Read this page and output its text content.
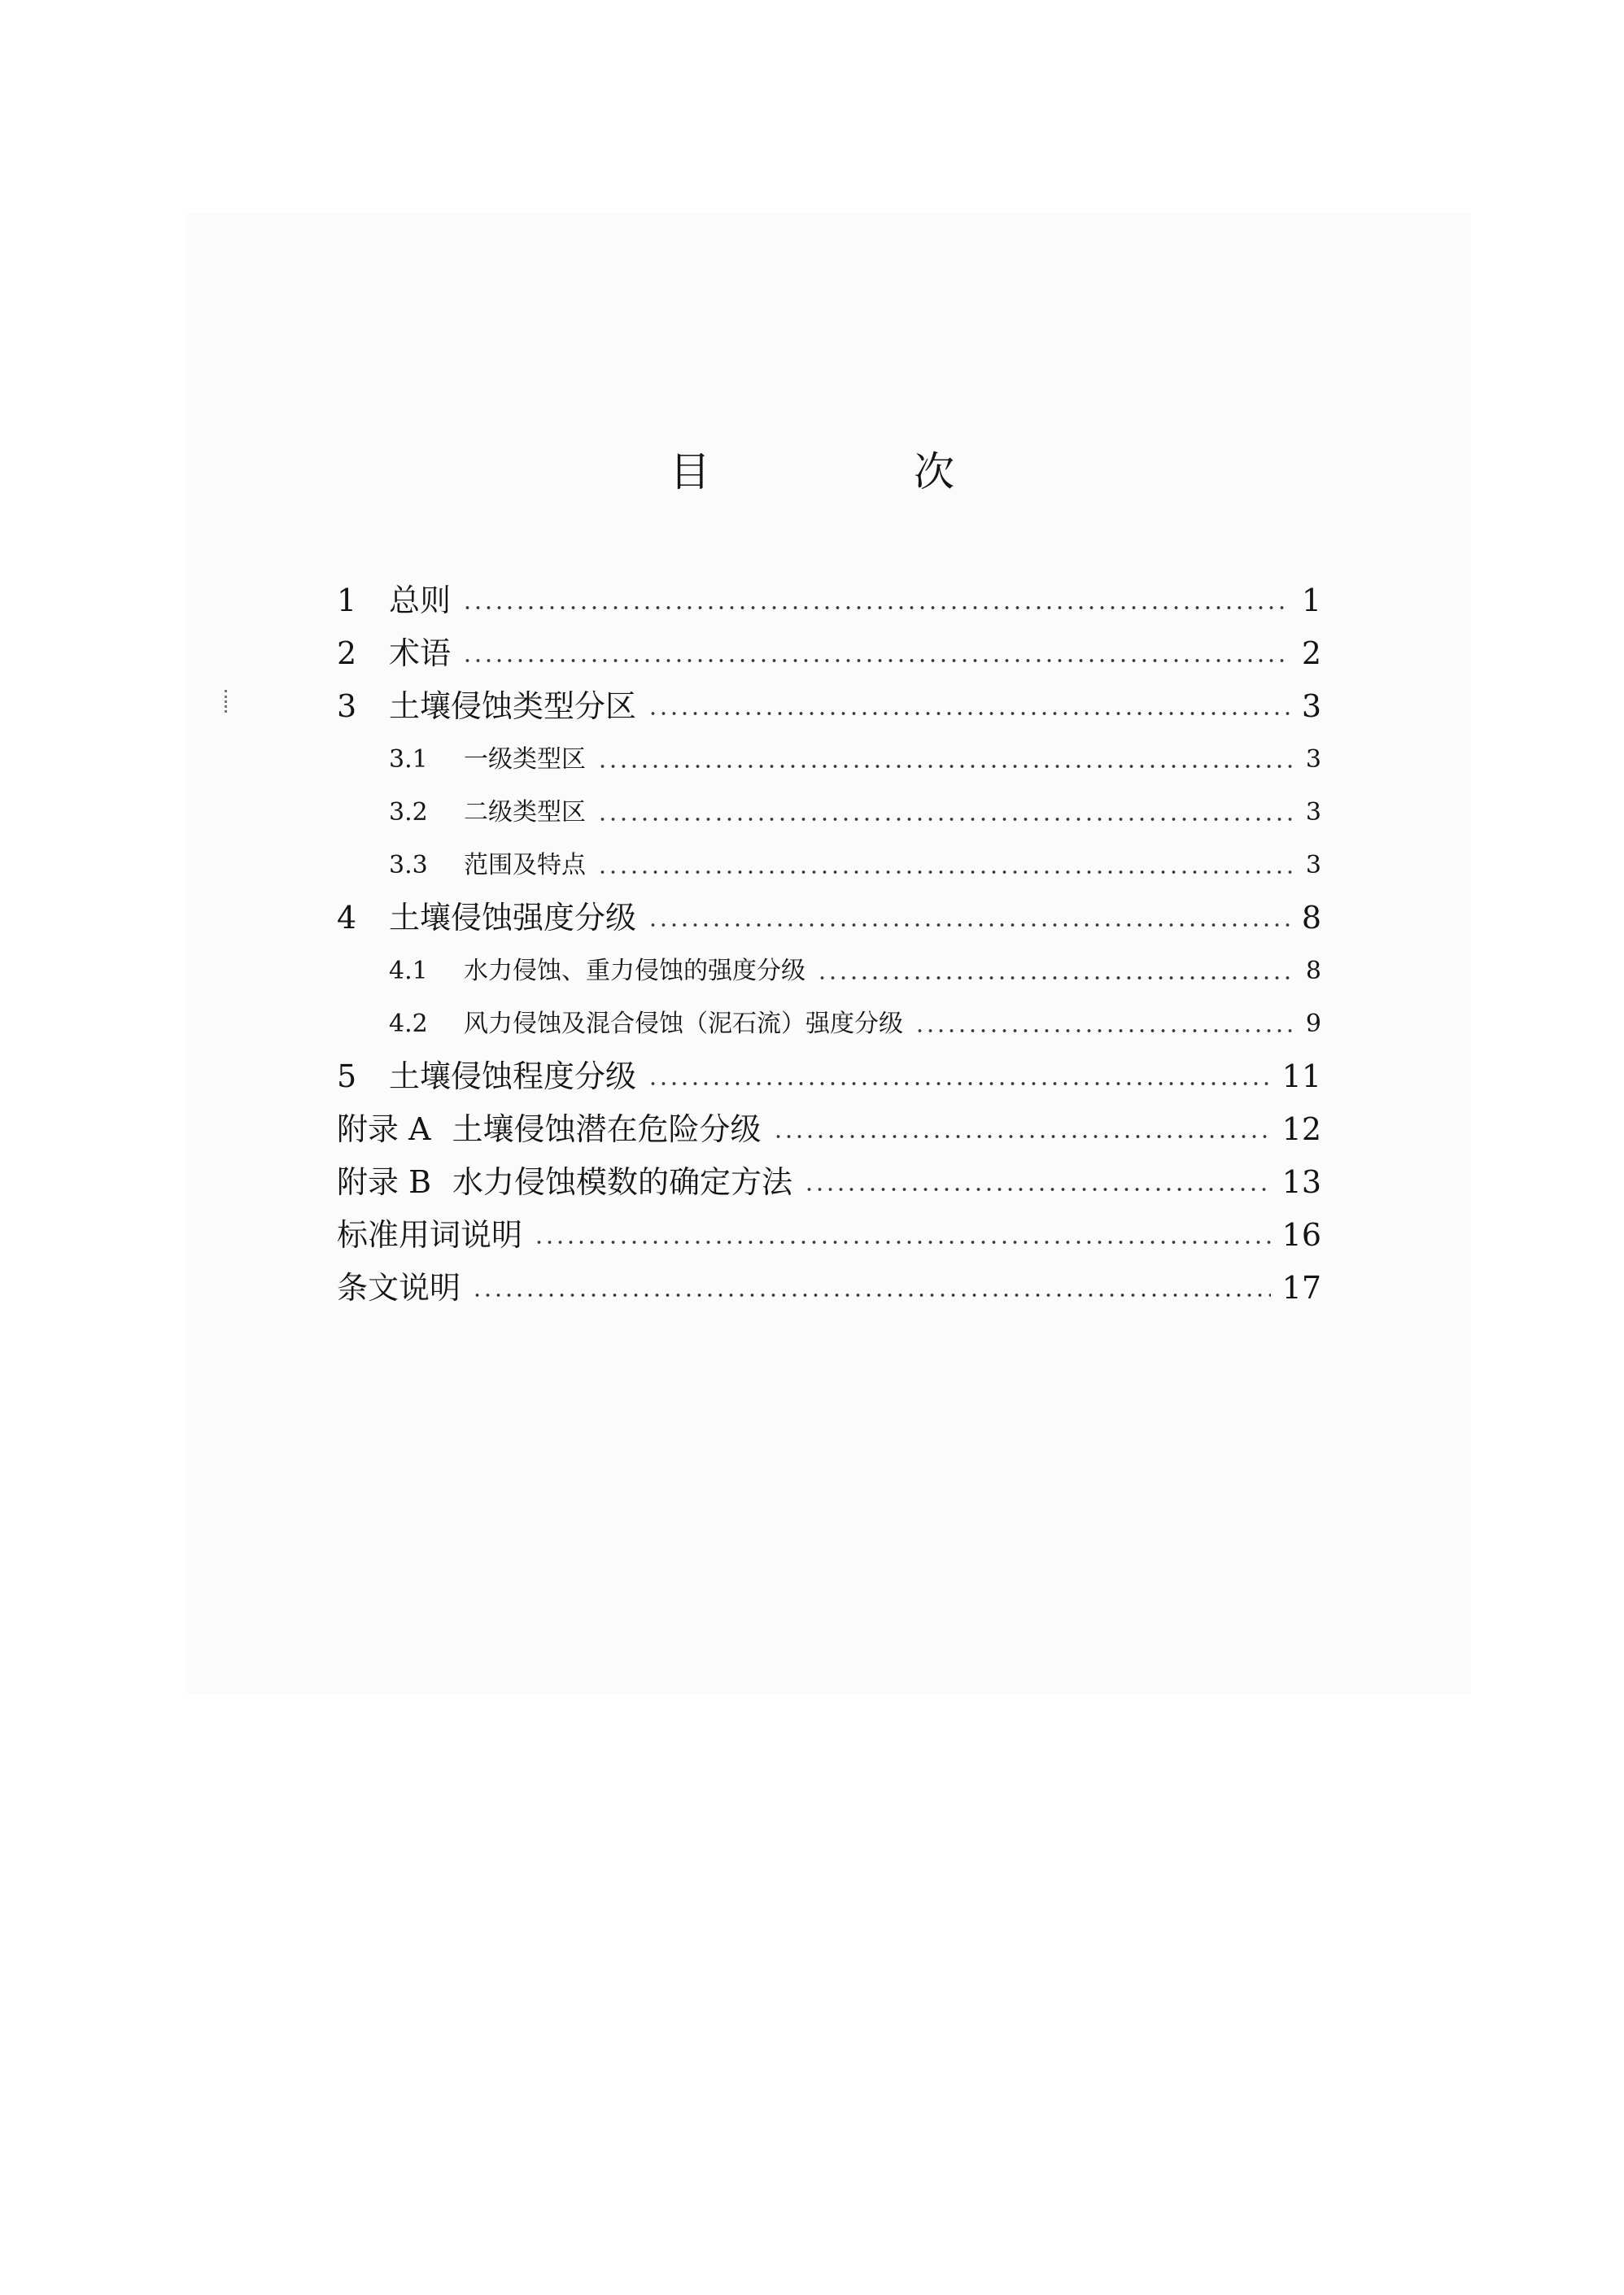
目　次
1	总则	1
2	术语	2
3	土壤侵蚀类型分区	3
3.1	一级类型区	3
3.2	二级类型区	3
3.3	范围及特点	3
4	土壤侵蚀强度分级	8
4.1	水力侵蚀、重力侵蚀的强度分级	8
4.2	风力侵蚀及混合侵蚀（泥石流）强度分级	9
5	土壤侵蚀程度分级	11
附录 A 土壤侵蚀潜在危险分级	12
附录 B 水力侵蚀模数的确定方法	13
标准用词说明	16
条文说明	17
